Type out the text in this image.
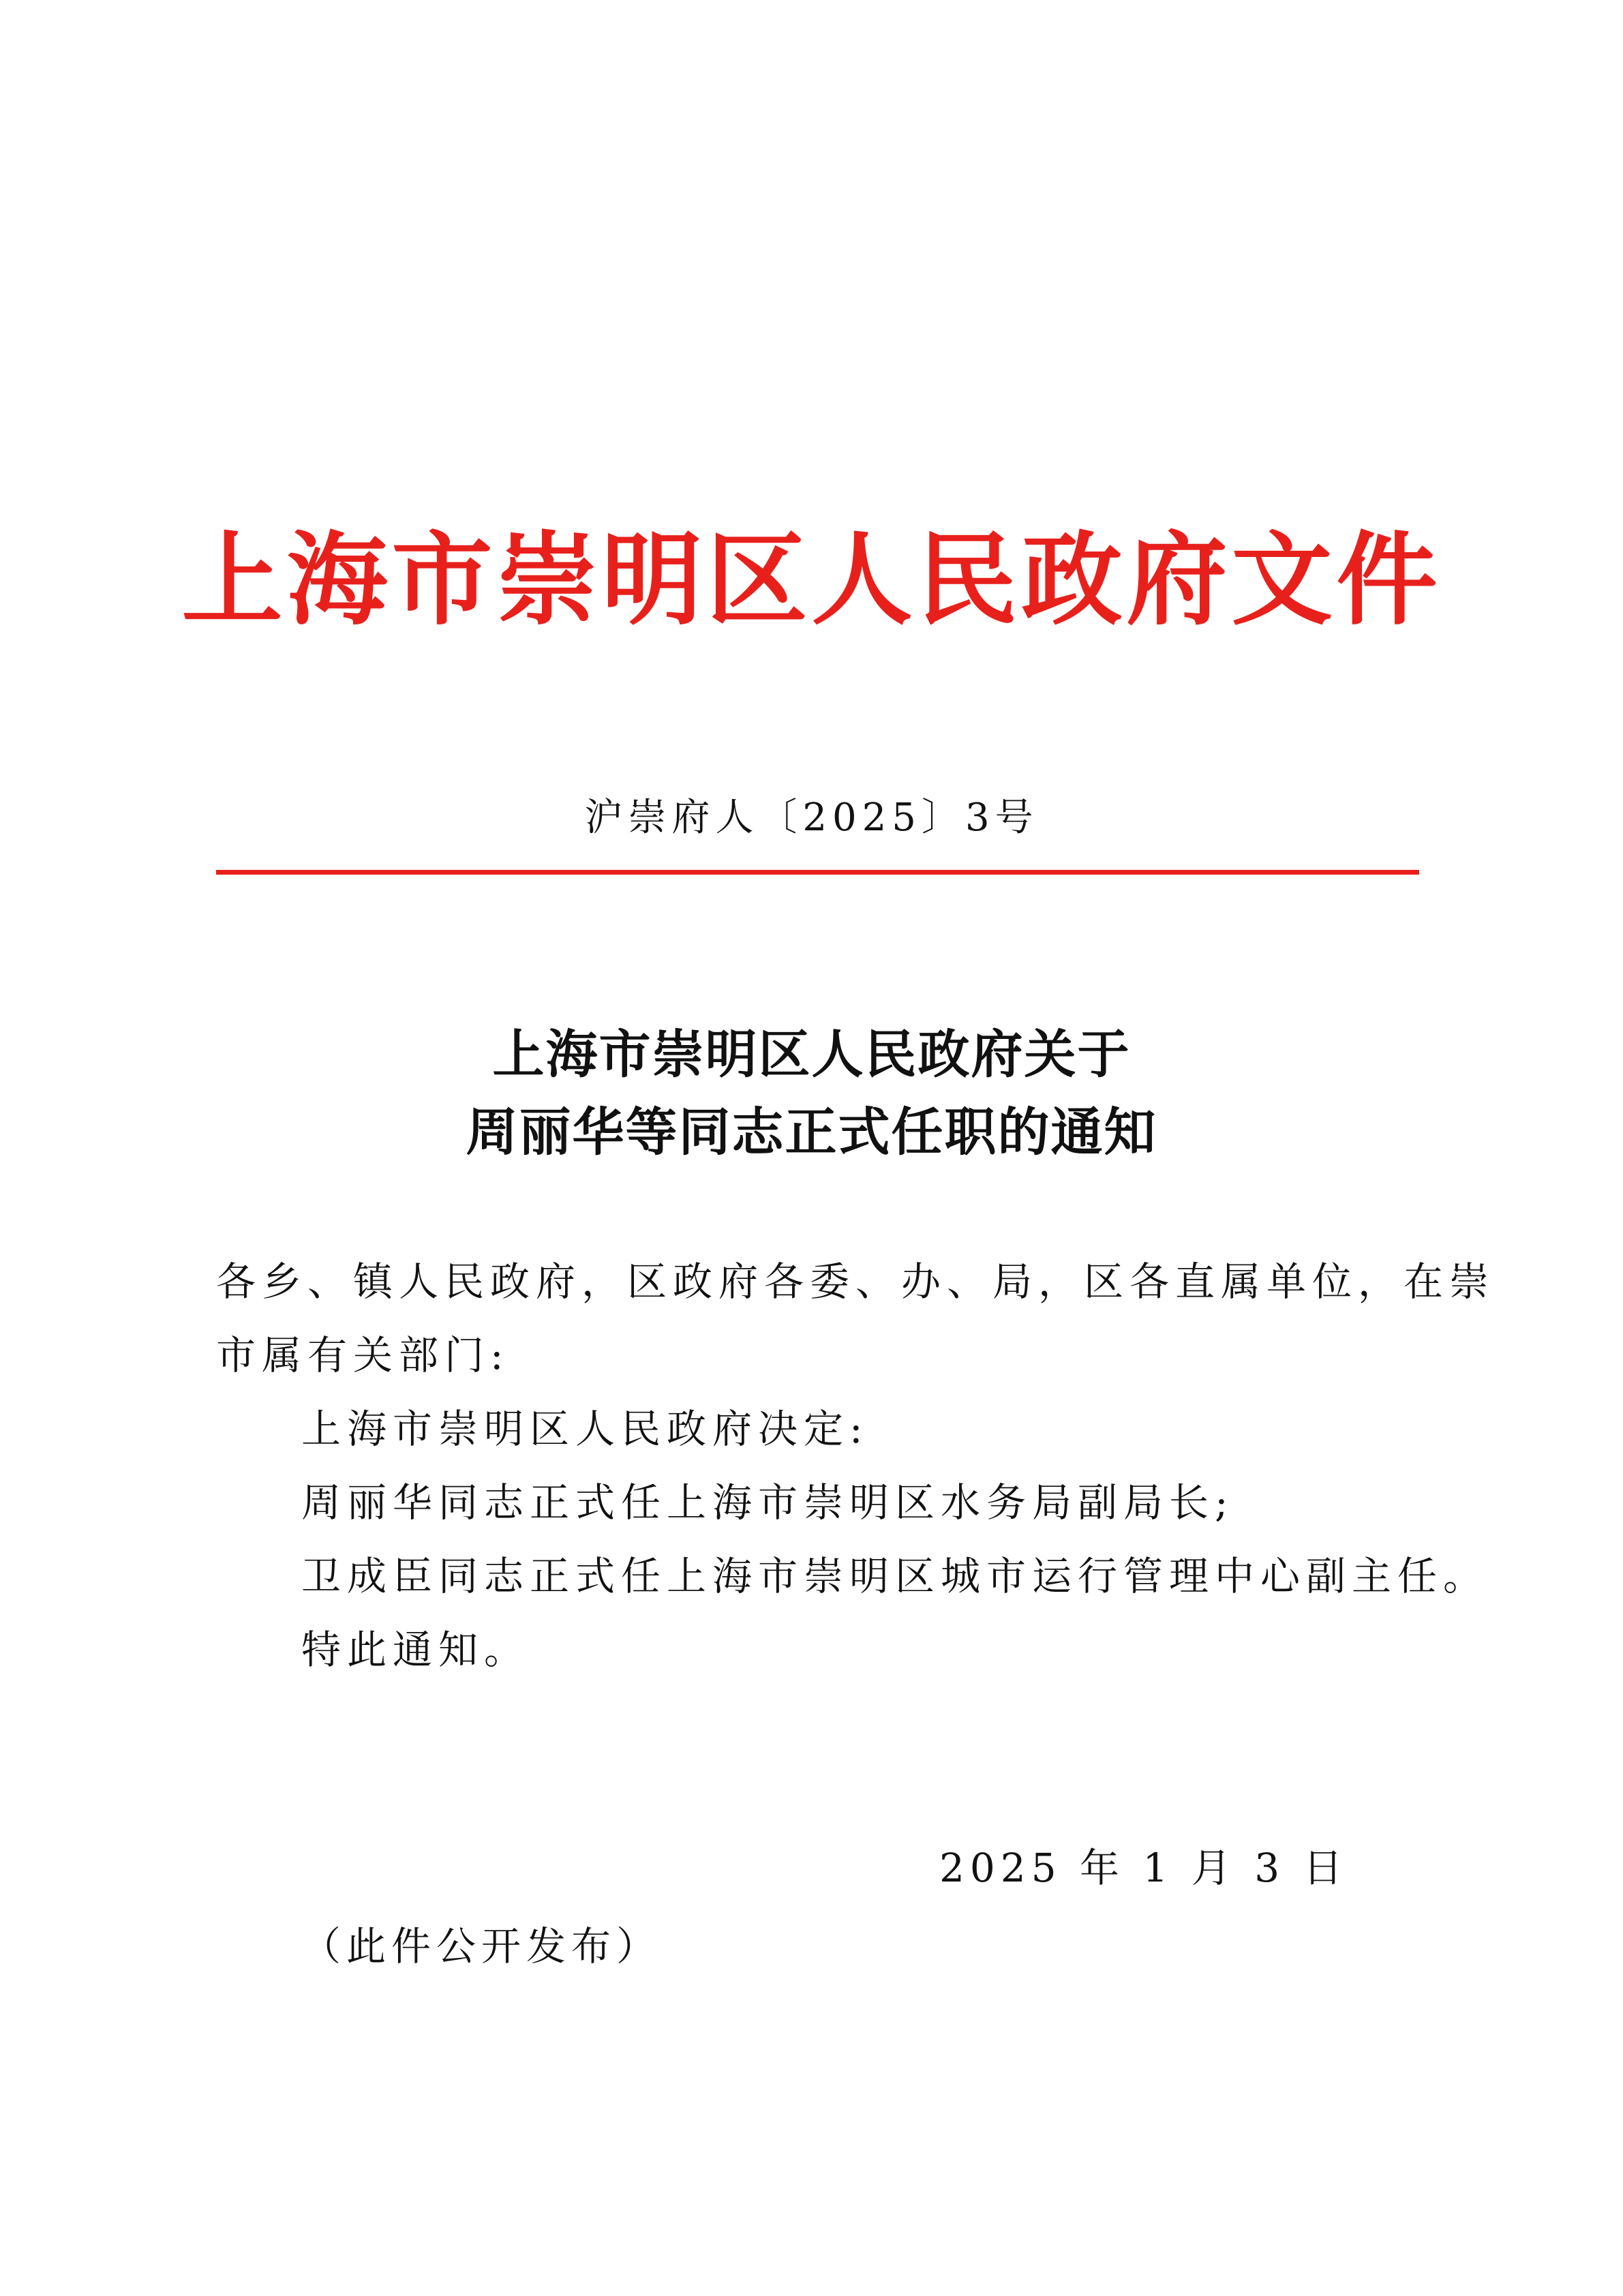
上海市崇明区人民政府文件
沪崇府人〔2025〕3号
上海市崇明区人民政府关于
周丽华等同志正式任职的通知
各乡、镇人民政府，区政府各委、办、局，区各直属单位，在崇
市属有关部门:
上海市崇明区人民政府决定:
周丽华同志正式任上海市崇明区水务局副局长;
卫成臣同志正式任上海市崇明区城市运行管理中心副主任。
特此通知。
2025 年 1 月 3 日
（此件公开发布）
